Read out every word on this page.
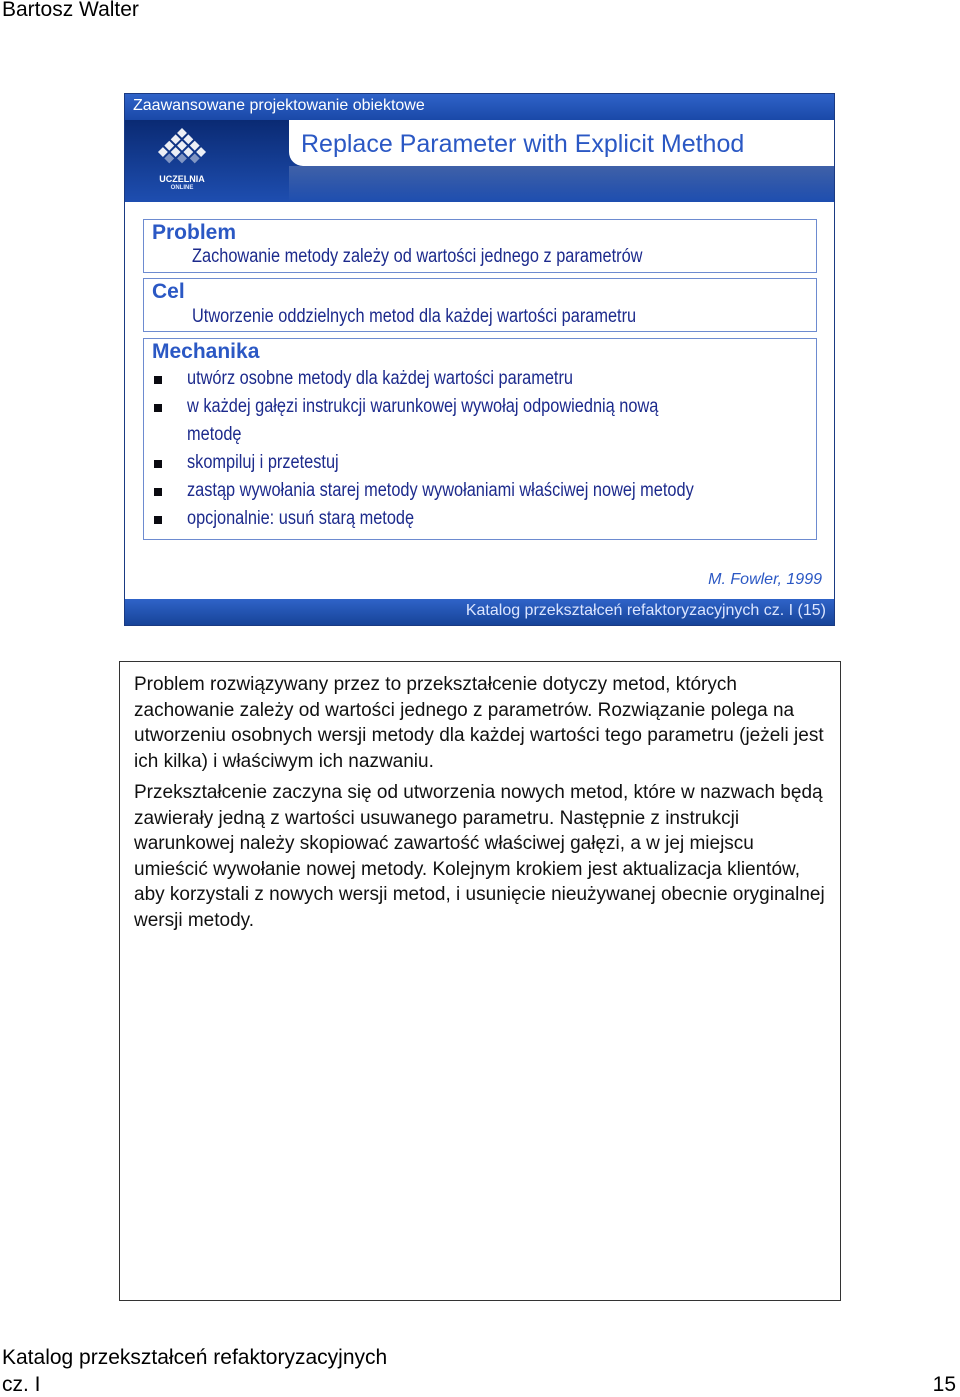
Bartosz Walter
Zaawansowane projektowanie obiektowe
UCZELNIA
ONLINE
Replace Parameter with Explicit Method
Problem
Zachowanie metody zależy od wartości jednego z parametrów
Cel
Utworzenie oddzielnych metod dla każdej wartości parametru
Mechanika
utwórz osobne metody dla każdej wartości parametru
w każdej gałęzi instrukcji warunkowej wywołaj odpowiednią nową
metodę
skompiluj i przetestuj
zastąp wywołania starej metody wywołaniami właściwej nowej metody
opcjonalnie: usuń starą metodę
M. Fowler, 1999
Katalog przekształceń refaktoryzacyjnych cz. I (15)

Problem rozwiązywany przez to przekształcenie dotyczy metod, których zachowanie zależy od wartości jednego z parametrów. Rozwiązanie polega na utworzeniu osobnych wersji metody dla każdej wartości tego parametru (jeżeli jest ich kilka) i właściwym ich nazwaniu.

Przekształcenie zaczyna się od utworzenia nowych metod, które w nazwach będą zawierały jedną z wartości usuwanego parametru. Następnie z instrukcji warunkowej należy skopiować zawartość właściwej gałęzi, a w jej miejscu umieścić wywołanie nowej metody. Kolejnym krokiem jest aktualizacja klientów, aby korzystali z nowych wersji metod, i usunięcie nieużywanej obecnie oryginalnej wersji metody.

Katalog przekształceń refaktoryzacyjnych
cz. I	15
